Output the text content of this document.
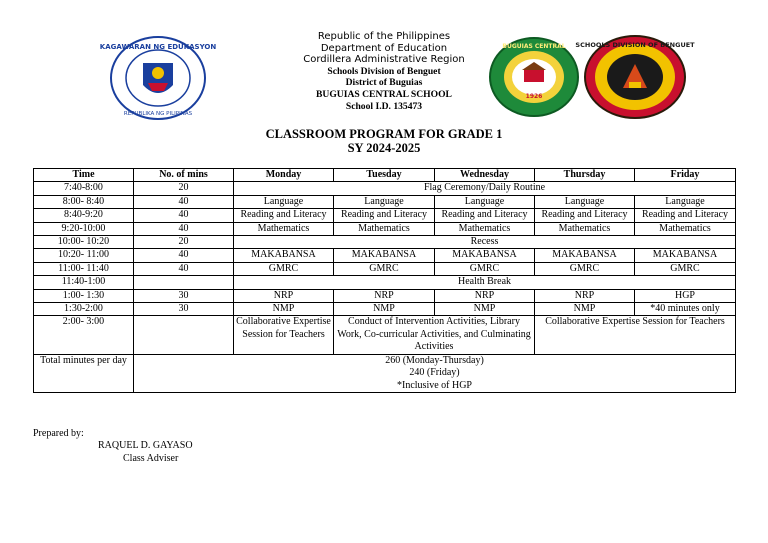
KAGAWARAN NG EDUKASYON
REPUBLIKA NG PILIPINAS
BUGUIAS CENTRAL
1926
SCHOOLS DIVISION OF BENGUET
Republic of the Philippines
Department of Education
Cordillera Administrative Region
Schools Division of Benguet
District of Buguias
BUGUIAS CENTRAL SCHOOL
School I.D. 135473
CLASSROOM PROGRAM FOR GRADE 1
SY 2024-2025
Time	No. of mins	Monday	Tuesday	Wednesday	Thursday	Friday
7:40-8:00	20	Flag Ceremony/Daily Routine				
8:00- 8:40	40	Language	Language	Language	Language	Language
8:40-9:20	40	Reading and Literacy	Reading and Literacy	Reading and Literacy	Reading and Literacy	Reading and Literacy
9:20-10:00	40	Mathematics	Mathematics	Mathematics	Mathematics	Mathematics
10:00- 10:20	20	Recess				
10:20- 11:00	40	MAKABANSA	MAKABANSA	MAKABANSA	MAKABANSA	MAKABANSA
11:00- 11:40	40	GMRC	GMRC	GMRC	GMRC	GMRC
11:40-1:00		Health Break				
1:00- 1:30	30	NRP	NRP	NRP	NRP	HGP
1:30-2:00	30	NMP	NMP	NMP	NMP	*40 minutes only
2:00- 3:00		Collaborative Expertise Session for Teachers	Conduct of Intervention Activities, Library Work, Co-curricular Activities, and Culminating Activities		Collaborative Expertise Session for Teachers	
Total minutes per day	260 (Monday-Thursday)
240 (Friday)
*Inclusive of HGP					
Prepared by:
RAQUEL D. GAYASO
Class Adviser
